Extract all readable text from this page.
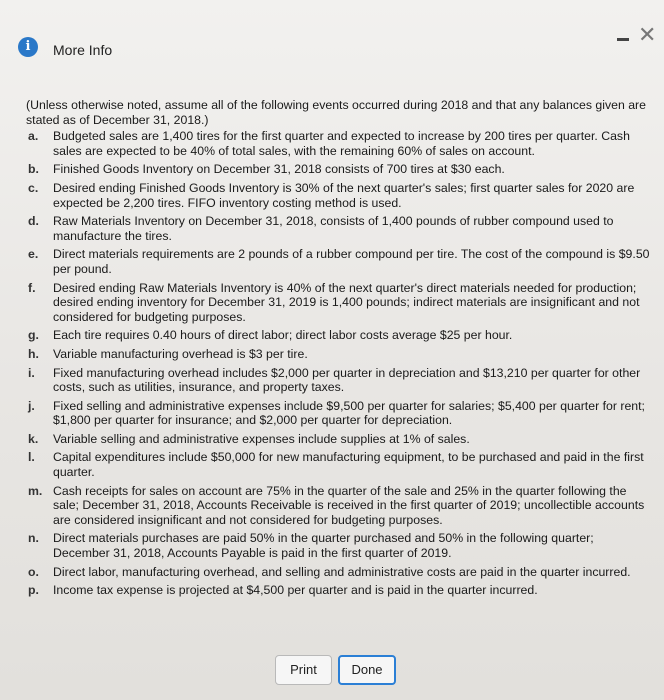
i	More Info
✕

(Unless otherwise noted, assume all of the following events occurred during 2018 and that any balances given are stated as of December 31, 2018.)

a.	Budgeted sales are 1,400 tires for the first quarter and expected to increase by 200 tires per quarter. Cash sales are expected to be 40% of total sales, with the remaining 60% of sales on account.
b.	Finished Goods Inventory on December 31, 2018 consists of 700 tires at $30 each.
c.	Desired ending Finished Goods Inventory is 30% of the next quarter's sales; first quarter sales for 2020 are expected be 2,200 tires. FIFO inventory costing method is used.
d.	Raw Materials Inventory on December 31, 2018, consists of 1,400 pounds of rubber compound used to manufacture the tires.
e.	Direct materials requirements are 2 pounds of a rubber compound per tire. The cost of the compound is $9.50 per pound.
f.	Desired ending Raw Materials Inventory is 40% of the next quarter's direct materials needed for production; desired ending inventory for December 31, 2019 is 1,400 pounds; indirect materials are insignificant and not considered for budgeting purposes.
g.	Each tire requires 0.40 hours of direct labor; direct labor costs average $25 per hour.
h.	Variable manufacturing overhead is $3 per tire.
i.	Fixed manufacturing overhead includes $2,000 per quarter in depreciation and $13,210 per quarter for other costs, such as utilities, insurance, and property taxes.
j.	Fixed selling and administrative expenses include $9,500 per quarter for salaries; $5,400 per quarter for rent; $1,800 per quarter for insurance; and $2,000 per quarter for depreciation.
k.	Variable selling and administrative expenses include supplies at 1% of sales.
l.	Capital expenditures include $50,000 for new manufacturing equipment, to be purchased and paid in the first quarter.
m. Cash receipts for sales on account are 75% in the quarter of the sale and 25% in the quarter following the sale; December 31, 2018, Accounts Receivable is received in the first quarter of 2019; uncollectible accounts are considered insignificant and not considered for budgeting purposes.
n.	Direct materials purchases are paid 50% in the quarter purchased and 50% in the following quarter; December 31, 2018, Accounts Payable is paid in the first quarter of 2019.
o.	Direct labor, manufacturing overhead, and selling and administrative costs are paid in the quarter incurred.
p.	Income tax expense is projected at $4,500 per quarter and is paid in the quarter incurred.
Print	Done
